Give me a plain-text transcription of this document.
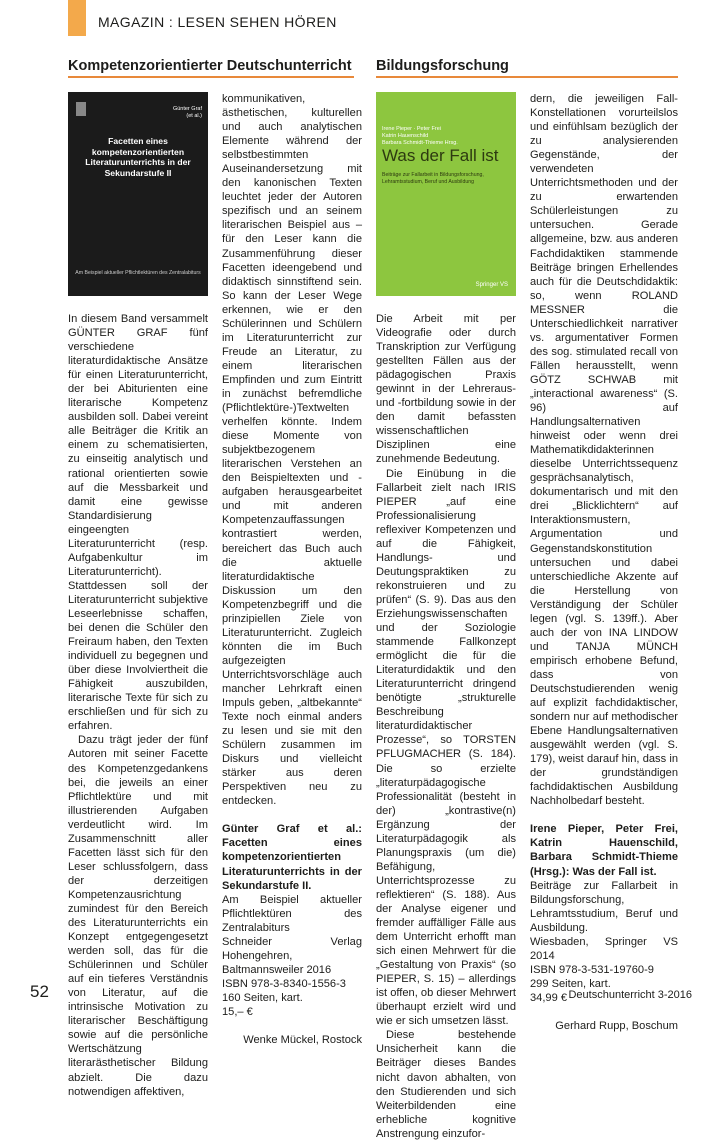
MAGAZIN : LESEN SEHEN HÖREN
Kompetenzorientierter Deutschunterricht
Günter Graf
(et al.)
Facetten eines kompetenzorientierten Literaturunterrichts in der Sekundarstufe II
Am Beispiel aktueller Pflichtlektüren des Zentralabiturs

In diesem Band versammelt GÜNTER GRAF fünf verschiedene literaturdidaktische Ansätze für einen Literaturunterricht, der bei Abiturienten eine literarische Kompetenz ausbilden soll. Dabei vereint alle Beiträger die Kritik an einem zu schematisierten, zu einseitig analytisch und rational orientierten sowie auf die Messbarkeit und damit eine gewisse Standardisierung eingeengten Literaturunterricht (resp. Aufgabenkultur im Literaturunterricht). Stattdessen soll der Literaturunterricht subjektive Leseerlebnisse schaffen, bei denen die Schüler den Freiraum haben, den Texten individuell zu begegnen und über diese Involviertheit die Fähigkeit auszubilden, literarische Texte für sich zu erschließen und für sich zu erfahren.

Dazu trägt jeder der fünf Autoren mit seiner Facette des Kompetenzgedankens bei, die jeweils an einer Pflichtlektüre und mit illustrierenden Aufgaben verdeutlicht wird. Im Zusammenschnitt aller Facetten lässt sich für den Leser schlussfolgern, dass der derzeitigen Kompetenzausrichtung zumindest für den Bereich des Literaturunterrichts ein Konzept entgegengesetzt werden soll, das für die Schülerinnen und Schüler auf ein tieferes Verständnis von Literatur, auf die intrinsische Motivation zu literarischer Beschäftigung sowie auf die persönliche Wertschätzung literarästhetischer Bildung abzielt. Die dazu notwendigen affektiven,

kommunikativen, ästhetischen, kulturellen und auch analytischen Elemente während der selbstbestimmten Auseinandersetzung mit den kanonischen Texten leuchtet jeder der Autoren spezifisch und an seinem literarischen Beispiel aus – für den Leser kann die Zusammenführung dieser Facetten ideengebend und didaktisch sinnstiftend sein. So kann der Leser Wege erkennen, wie er den Schülerinnen und Schülern im Literaturunterricht zur Freude an Literatur, zu einem literarischen Empfinden und zum Eintritt in zunächst befremdliche (Pflichtlektüre-)Textwelten verhelfen könnte. Indem diese Momente von subjektbezogenem literarischen Verstehen an den Beispieltexten und -aufgaben herausgearbeitet und mit anderen Kompetenzauffassungen kontrastiert werden, bereichert das Buch auch die aktuelle literaturdidaktische Diskussion um den Kompetenzbegriff und die prinzipiellen Ziele von Literaturunterricht. Zugleich könnten die im Buch aufgezeigten Unterrichtsvorschläge auch mancher Lehrkraft einen Impuls geben, „altbekannte“ Texte noch einmal anders zu lesen und sie mit den Schülern zusammen im Diskurs und vielleicht stärker aus deren Perspektiven neu zu entdecken.

Günter Graf et al.: Facetten eines kompetenzorientierten Literaturunterrichts in der Sekundarstufe II.

Am Beispiel aktueller Pflichtlektüren des Zentralabiturs

Schneider Verlag Hohengehren, Baltmannsweiler 2016

ISBN 978-3-8340-1556-3

160 Seiten, kart.

15,– €

Wenke Mückel, Rostock

Bildungsforschung
Irene Pieper · Peter Frei
Katrin Hauenschild
Barbara Schmidt-Thieme Hrsg.
Was der Fall ist
Beiträge zur Fallarbeit in Bildungsforschung, Lehramtsstudium, Beruf und Ausbildung
Springer VS

Die Arbeit mit per Videografie oder durch Transkription zur Verfügung gestellten Fällen aus der pädagogischen Praxis gewinnt in der Lehreraus- und -fortbildung sowie in der den damit befassten wissenschaftlichen Disziplinen eine zunehmende Bedeutung.

Die Einübung in die Fallarbeit zielt nach IRIS PIEPER „auf eine Professionalisierung reflexiver Kompetenzen und auf die Fähigkeit, Handlungs- und Deutungspraktiken zu rekonstruieren und zu prüfen“ (S. 9). Das aus den Erziehungswissenschaften und der Soziologie stammende Fallkonzept ermöglicht die für die Literaturdidaktik und den Literaturunterricht dringend benötigte „strukturelle Beschreibung literaturdidaktischer Prozesse“, so TORSTEN PFLUGMACHER (S. 184). Die so erzielte „literaturpädagogische Professionalität (besteht in der) „kontrastive(n) Ergänzung der Literaturpädagogik als Planungspraxis (um die) Befähigung, Unterrichtsprozesse zu reflektieren“ (S. 188). Aus der Analyse eigener und fremder auffälliger Fälle aus dem Unterricht erhofft man sich einen Mehrwert für die „Gestaltung von Praxis“ (so PIEPER, S. 15) – allerdings ist offen, ob dieser Mehrwert überhaupt erzielt wird und wie er sich umsetzen lässt.

Diese bestehende Unsicherheit kann die Beiträger dieses Bandes nicht davon abhalten, von den Studierenden und sich Weiterbildenden eine erhebliche kognitive Anstrengung einzufor-

dern, die jeweiligen Fall-Konstellationen vorurteilslos und einfühlsam bezüglich der zu analysierenden Gegenstände, der verwendeten Unterrichtsmethoden und der zu erwartenden Schülerleistungen zu untersuchen. Gerade allgemeine, bzw. aus anderen Fachdidaktiken stammende Beiträge bringen Erhellendes auch für die Deutschdidaktik: so, wenn ROLAND MESSNER die Unterschiedlichkeit narrativer vs. argumentativer Formen des sog. stimulated recall von Fällen herausstellt, wenn GÖTZ SCHWAB mit „interactional awareness“ (S. 96) auf Handlungsalternativen hinweist oder wenn drei Mathematikdidakterinnen dieselbe Unterrichtssequenz gesprächsanalytisch, dokumentarisch und mit den drei „Blicklichtern“ auf Interaktionsmustern, Argumentation und Gegenstandskonstitution untersuchen und dabei unterschiedliche Akzente auf die Herstellung von Verständigung der Schüler legen (vgl. S. 139ff.). Aber auch der von INA LINDOW und TANJA MÜNCH empirisch erhobene Befund, dass von Deutschstudierenden wenig auf explizit fachdidaktischer, sondern nur auf methodischer Ebene Handlungsalternativen ausgewählt werden (vgl. S. 179), weist darauf hin, dass in der grundständigen fachdidaktischen Ausbildung Nachholbedarf besteht.

Irene Pieper, Peter Frei, Katrin Hauenschild, Barbara Schmidt-Thieme (Hrsg.): Was der Fall ist.

Beiträge zur Fallarbeit in Bildungsforschung, Lehramtsstudium, Beruf und Ausbildung.

Wiesbaden, Springer VS 2014

ISBN 978-3-531-19760-9

299 Seiten, kart.

34,99 €

Gerhard Rupp, Boschum

52	Deutschunterricht 3-2016
